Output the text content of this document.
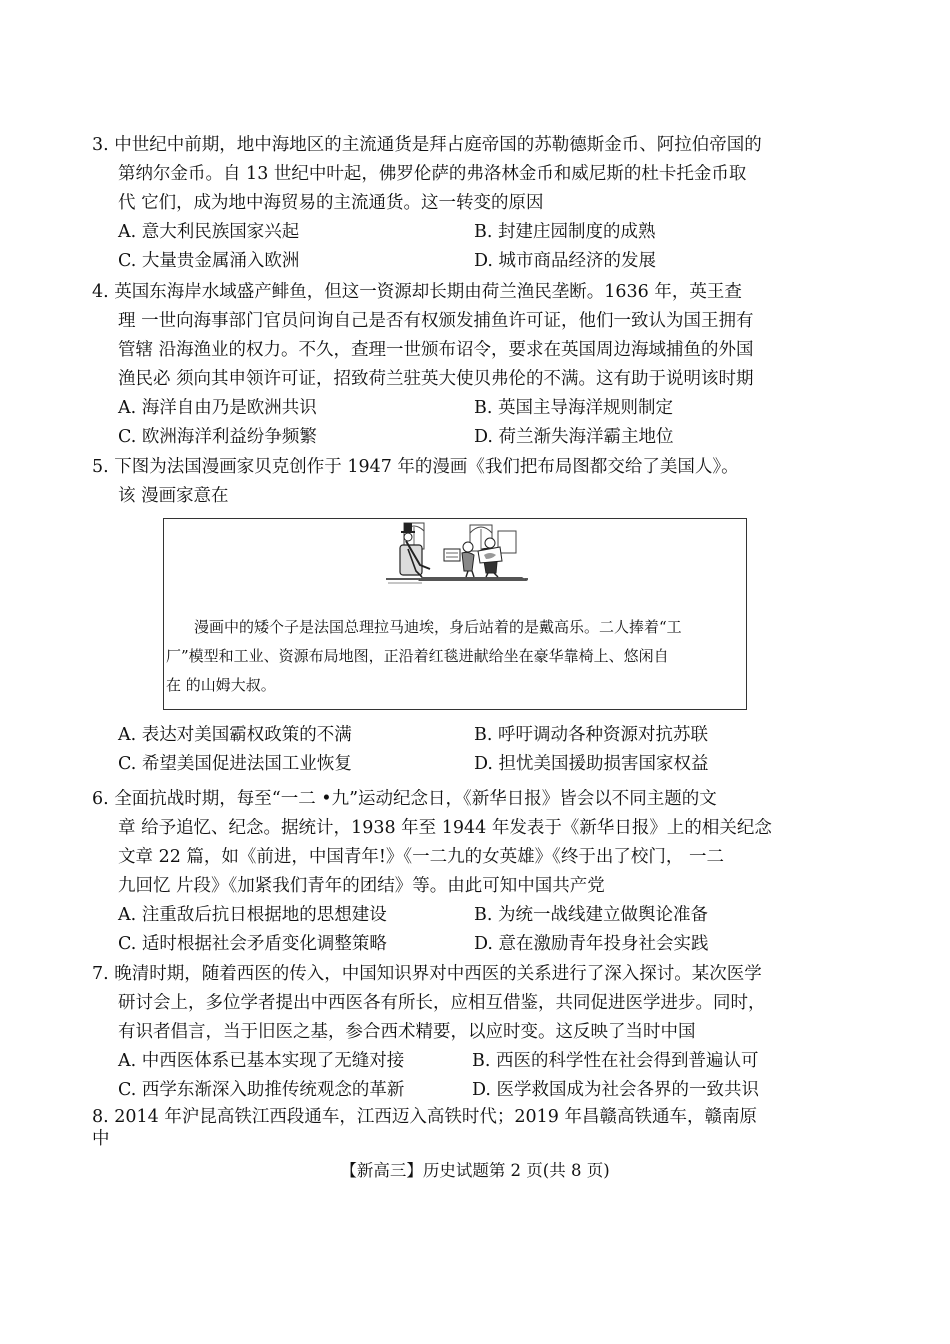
3. 中世纪中前期，地中海地区的主流通货是拜占庭帝国的苏勒德斯金币、阿拉伯帝国的
第纳尔金币。自 13 世纪中叶起，佛罗伦萨的弗洛林金币和威尼斯的杜卡托金币取
代 它们，成为地中海贸易的主流通货。这一转变的原因
A. 意大利民族国家兴起	B. 封建庄园制度的成熟
C. 大量贵金属涌入欧洲	D. 城市商品经济的发展
4. 英国东海岸水域盛产鲱鱼，但这一资源却长期由荷兰渔民垄断。1636 年，英王查
理 一世向海事部门官员问询自己是否有权颁发捕鱼许可证，他们一致认为国王拥有
管辖 沿海渔业的权力。不久，查理一世颁布诏令，要求在英国周边海域捕鱼的外国
渔民必 须向其申领许可证，招致荷兰驻英大使贝弗伦的不满。这有助于说明该时期
A. 海洋自由乃是欧洲共识	B. 英国主导海洋规则制定
C. 欧洲海洋利益纷争频繁	D. 荷兰渐失海洋霸主地位
5. 下图为法国漫画家贝克创作于 1947 年的漫画《我们把布局图都交给了美国人》。
该 漫画家意在
漫画中的矮个子是法国总理拉马迪埃，身后站着的是戴高乐。二人捧着“工
厂”模型和工业、资源布局地图，正沿着红毯进献给坐在豪华靠椅上、悠闲自
在 的山姆大叔。
A. 表达对美国霸权政策的不满	B. 呼吁调动各种资源对抗苏联
C. 希望美国促进法国工业恢复	D. 担忧美国援助损害国家权益
6. 全面抗战时期，每至“一二 •九”运动纪念日，《新华日报》皆会以不同主题的文
章 给予追忆、纪念。据统计，1938 年至 1944 年发表于《新华日报》上的相关纪念
文章 22 篇，如《前进，中国青年!》《一二九的女英雄》《终于出了校门， 一二
九回忆 片段》《加紧我们青年的团结》等。由此可知中国共产党
A. 注重敌后抗日根据地的思想建设	B. 为统一战线建立做舆论准备
C. 适时根据社会矛盾变化调整策略	D. 意在激励青年投身社会实践
7. 晚清时期，随着西医的传入，中国知识界对中西医的关系进行了深入探讨。某次医学
研讨会上，多位学者提出中西医各有所长，应相互借鉴，共同促进医学进步。同时，
有识者倡言，当于旧医之基，参合西术精要，以应时变。这反映了当时中国
A. 中西医体系已基本实现了无缝对接	B. 西医的科学性在社会得到普遍认可
C. 西学东渐深入助推传统观念的革新	D. 医学救国成为社会各界的一致共识
8. 2014 年沪昆高铁江西段通车，江西迈入高铁时代；2019 年昌赣高铁通车，赣南原
中
【新高三】历史试题第 2 页(共 8 页)
